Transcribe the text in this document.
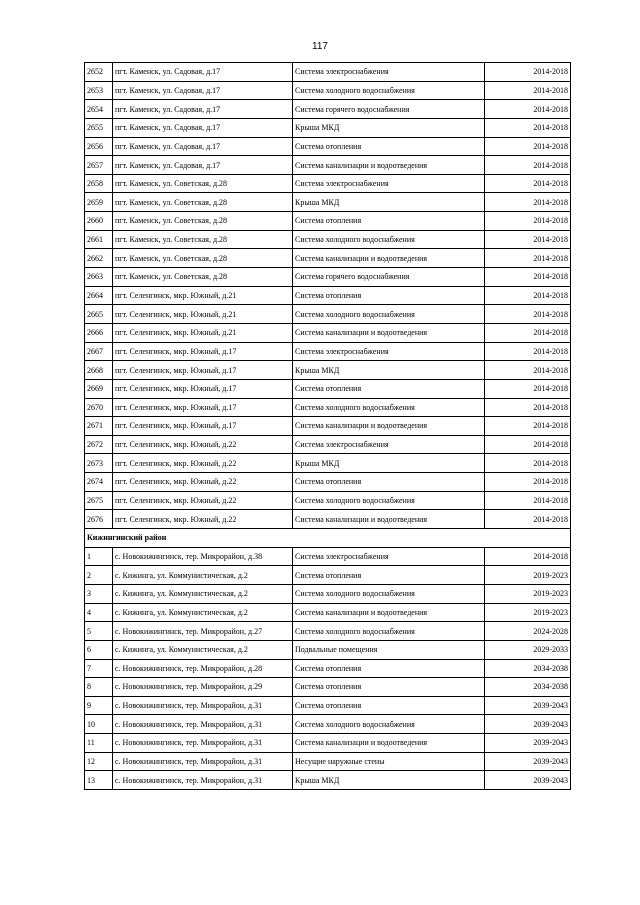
117
2652	пгт. Каменск, ул. Садовая, д.17	Система электроснабжения	2014-2018
2653	пгт. Каменск, ул. Садовая, д.17	Система холодного водоснабжения	2014-2018
2654	пгт. Каменск, ул. Садовая, д.17	Система горячего водоснабжения	2014-2018
2655	пгт. Каменск, ул. Садовая, д.17	Крыша МКД	2014-2018
2656	пгт. Каменск, ул. Садовая, д.17	Система отопления	2014-2018
2657	пгт. Каменск, ул. Садовая, д.17	Система канализации и водоотведения	2014-2018
2658	пгт. Каменск, ул. Советская, д.28	Система электроснабжения	2014-2018
2659	пгт. Каменск, ул. Советская, д.28	Крыша МКД	2014-2018
2660	пгт. Каменск, ул. Советская, д.28	Система отопления	2014-2018
2661	пгт. Каменск, ул. Советская, д.28	Система холодного водоснабжения	2014-2018
2662	пгт. Каменск, ул. Советская, д.28	Система канализации и водоотведения	2014-2018
2663	пгт. Каменск, ул. Советская, д.28	Система горячего водоснабжения	2014-2018
2664	пгт. Селенгинск, мкр. Южный, д.21	Система отопления	2014-2018
2665	пгт. Селенгинск, мкр. Южный, д.21	Система холодного водоснабжения	2014-2018
2666	пгт. Селенгинск, мкр. Южный, д.21	Система канализации и водоотведения	2014-2018
2667	пгт. Селенгинск, мкр. Южный, д.17	Система электроснабжения	2014-2018
2668	пгт. Селенгинск, мкр. Южный, д.17	Крыша МКД	2014-2018
2669	пгт. Селенгинск, мкр. Южный, д.17	Система отопления	2014-2018
2670	пгт. Селенгинск, мкр. Южный, д.17	Система холодного водоснабжения	2014-2018
2671	пгт. Селенгинск, мкр. Южный, д.17	Система канализации и водоотведения	2014-2018
2672	пгт. Селенгинск, мкр. Южный, д.22	Система электроснабжения	2014-2018
2673	пгт. Селенгинск, мкр. Южный, д.22	Крыша МКД	2014-2018
2674	пгт. Селенгинск, мкр. Южный, д.22	Система отопления	2014-2018
2675	пгт. Селенгинск, мкр. Южный, д.22	Система холодного водоснабжения	2014-2018
2676	пгт. Селенгинск, мкр. Южный, д.22	Система канализации и водоотведения	2014-2018
Кижингинский район			
1	с. Новокижингинск, тер. Микрорайон, д.38	Система электроснабжения	2014-2018
2	с. Кижинга, ул. Коммунистическая, д.2	Система отопления	2019-2023
3	с. Кижинга, ул. Коммунистическая, д.2	Система холодного водоснабжения	2019-2023
4	с. Кижинга, ул. Коммунистическая, д.2	Система канализации и водоотведения	2019-2023
5	с. Новокижингинск, тер. Микрорайон, д.27	Система холодного водоснабжения	2024-2028
6	с. Кижинга, ул. Коммунистическая, д.2	Подвальные помещения	2029-2033
7	с. Новокижингинск, тер. Микрорайон, д.28	Система отопления	2034-2038
8	с. Новокижингинск, тер. Микрорайон, д.29	Система отопления	2034-2038
9	с. Новокижингинск, тер. Микрорайон, д.31	Система отопления	2039-2043
10	с. Новокижингинск, тер. Микрорайон, д.31	Система холодного водоснабжения	2039-2043
11	с. Новокижингинск, тер. Микрорайон, д.31	Система канализации и водоотведения	2039-2043
12	с. Новокижингинск, тер. Микрорайон, д.31	Несущие наружные стены	2039-2043
13	с. Новокижингинск, тер. Микрорайон, д.31	Крыша МКД	2039-2043
